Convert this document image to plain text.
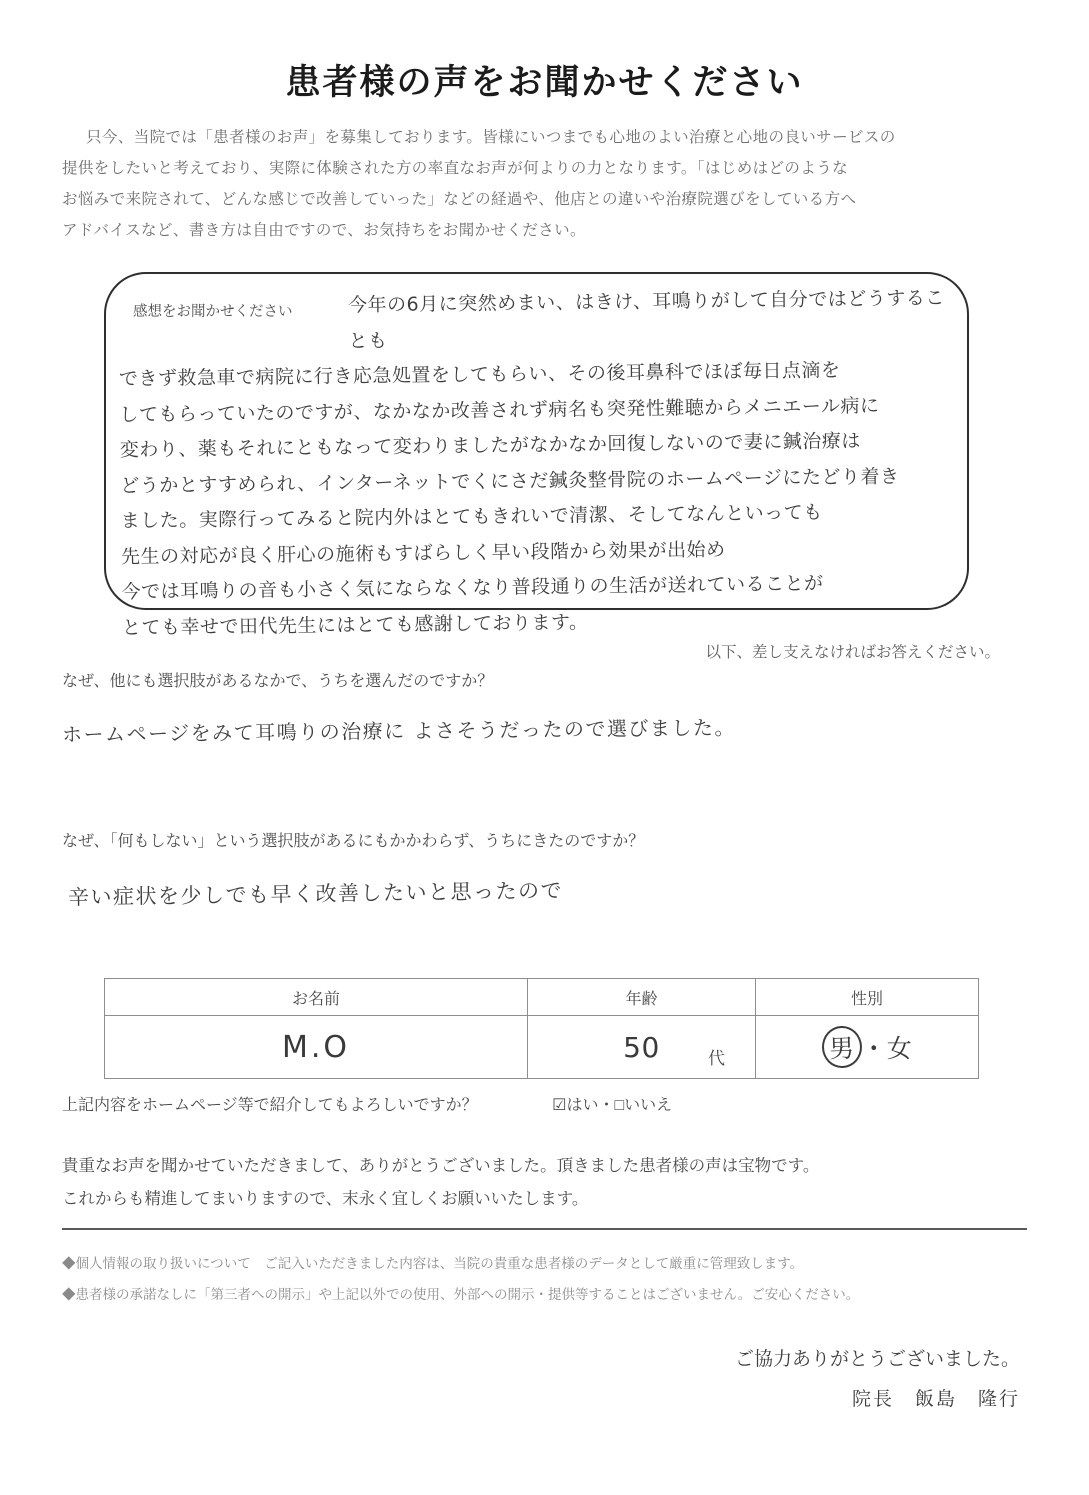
患者様の声をお聞かせください
只今、当院では「患者様のお声」を募集しております。皆様にいつまでも心地のよい治療と心地の良いサービスの
提供をしたいと考えており、実際に体験された方の率直なお声が何よりの力となります。「はじめはどのような
お悩みで来院されて、どんな感じで改善していった」などの経過や、他店との違いや治療院選びをしている方へ
アドバイスなど、書き方は自由ですので、お気持ちをお聞かせください。
感想をお聞かせください	今年の6月に突然めまい、はきけ、耳鳴りがして自分ではどうすることも
できず救急車で病院に行き応急処置をしてもらい、その後耳鼻科でほぼ毎日点滴を
してもらっていたのですが、なかなか改善されず病名も突発性難聴からメニエール病に
変わり、薬もそれにともなって変わりましたがなかなか回復しないので妻に鍼治療は
どうかとすすめられ、インターネットでくにさだ鍼灸整骨院のホームページにたどり着き
ました。実際行ってみると院内外はとてもきれいで清潔、そしてなんといっても
先生の対応が良く肝心の施術もすばらしく早い段階から効果が出始め
今では耳鳴りの音も小さく気にならなくなり普段通りの生活が送れていることが
とても幸せで田代先生にはとても感謝しております。
以下、差し支えなければお答えください。
なぜ、他にも選択肢があるなかで、うちを選んだのですか？
ホームページをみて耳鳴りの治療に よさそうだったので選びました。
なぜ、「何もしない」という選択肢があるにもかかわらず、うちにきたのですか？
辛い症状を少しでも早く改善したいと思ったので
お名前	年齢	性別
M.O	50 代	男 ・女
上記内容をホームページ等で紹介してもよろしいですか？	☑はい・□いいえ
貴重なお声を聞かせていただきまして、ありがとうございました。頂きました患者様の声は宝物です。
これからも精進してまいりますので、末永く宜しくお願いいたします。
◆個人情報の取り扱いについて　ご記入いただきました内容は、当院の貴重な患者様のデータとして厳重に管理致します。
◆患者様の承諾なしに「第三者への開示」や上記以外での使用、外部への開示・提供等することはございません。ご安心ください。
ご協力ありがとうございました。
院長　飯島　隆行
